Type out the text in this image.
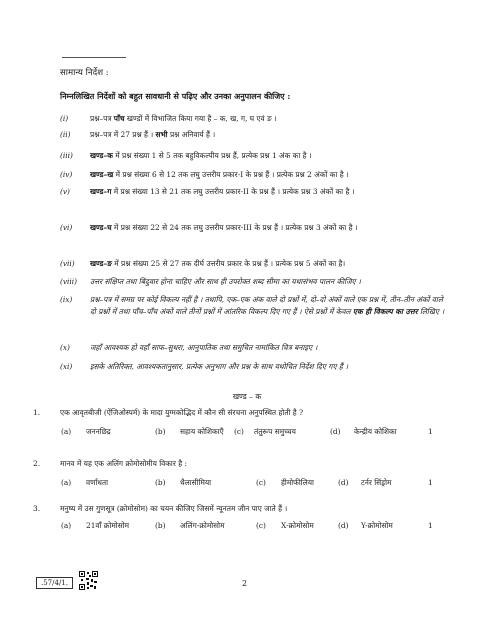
सामान्य निर्देश :
निम्नलिखित निर्देशों को बहुत सावधानी से पढ़िए और उनका अनुपालन कीजिए :
(i)	प्रश्न–पत्र पाँच खण्डों में विभाजित किया गया है – क, ख, ग, घ एवं ङ ।
(ii)	प्रश्न–पत्र में 27 प्रश्न हैं । सभी प्रश्न अनिवार्य हैं ।
(iii)	खण्ड–क में प्रश्न संख्या 1 से 5 तक बहुविकल्पीय प्रश्न हैं, प्रत्येक प्रश्न 1 अंक का है ।
(iv)	खण्ड–ख में प्रश्न संख्या 6 से 12 तक लघु उत्तरीय प्रकार-I के प्रश्न हैं । प्रत्येक प्रश्न 2 अंकों का है ।
(v)	खण्ड–ग में प्रश्न संख्या 13 से 21 तक लघु उत्तरीय प्रकार-II के प्रश्न हैं । प्रत्येक प्रश्न 3 अंकों का है ।
(vi)	खण्ड–घ में प्रश्न संख्या 22 से 24 तक लघु उत्तरीय प्रकार-III के प्रश्न हैं । प्रत्येक प्रश्न 3 अंकों का है ।
(vii)	खण्ड–ङ में प्रश्न संख्या 25 से 27 तक दीर्घ उत्तरीय प्रकार के प्रश्न हैं । प्रत्येक प्रश्न 5 अंकों का है।
(viii)	उत्तर संक्षिप्त तथा बिंदुवार होना चाहिए और साथ ही उपरोक्त शब्द सीमा का यथासंभव पालन कीजिए ।
(ix)	प्रश्न–पत्र में समग्र पर कोई विकल्प नहीं है । तथापि, एक–एक अंक वाले दो प्रश्नों में, दो–दो अंकों वाले एक प्रश्न में, तीन–तीन अंकों वाले दो प्रश्नों में तथा पाँच–पाँच अंकों वाले तीनों प्रश्नों में आंतरिक विकल्प दिए गए हैं । ऐसे प्रश्नों में केवल एक ही विकल्प का उत्तर लिखिए ।
(x)	जहाँ आवश्यक हो वहाँ साफ–सुथरा, आनुपातिक तथा समुचित नामांकित चित्र बनाइए ।
(xi)	इसके अतिरिक्त, आवश्यकतानुसार, प्रत्येक अनुभाग और प्रश्न के साथ यथोचित निर्देश दिए गए हैं ।
खण्ड – क
1.	एक आवृतबीजी (ऐंजिओस्पर्म) के मादा युग्मकोद्भिद में कौन सी संरचना अनुपस्थित होती है ?
(a) जननछिद्र	(b) सहाय कोशिकाएँ (c) तंतुरूप समुच्चय	(d) केन्द्रीय कोशिका	1
2.	मानव में यह एक अलिंग क्रोमोसोमीय विकार है :
(a) वर्णांधता	(b) थैलासीमिया	(c) हीमोफीलिया	(d) टर्नर सिंड्रोम	1
3.	मनुष्य में उस गुणसूत्र (क्रोमोसोम) का चयन कीजिए जिसमें न्यूनतम जीन पाए जाते हैं ।
(a) 21वाँ क्रोमोसोम	(b) अलिंग-क्रोमोसोम	(c) X-क्रोमोसोम	(d) Y-क्रोमोसोम	1
.57/4/1.	2
